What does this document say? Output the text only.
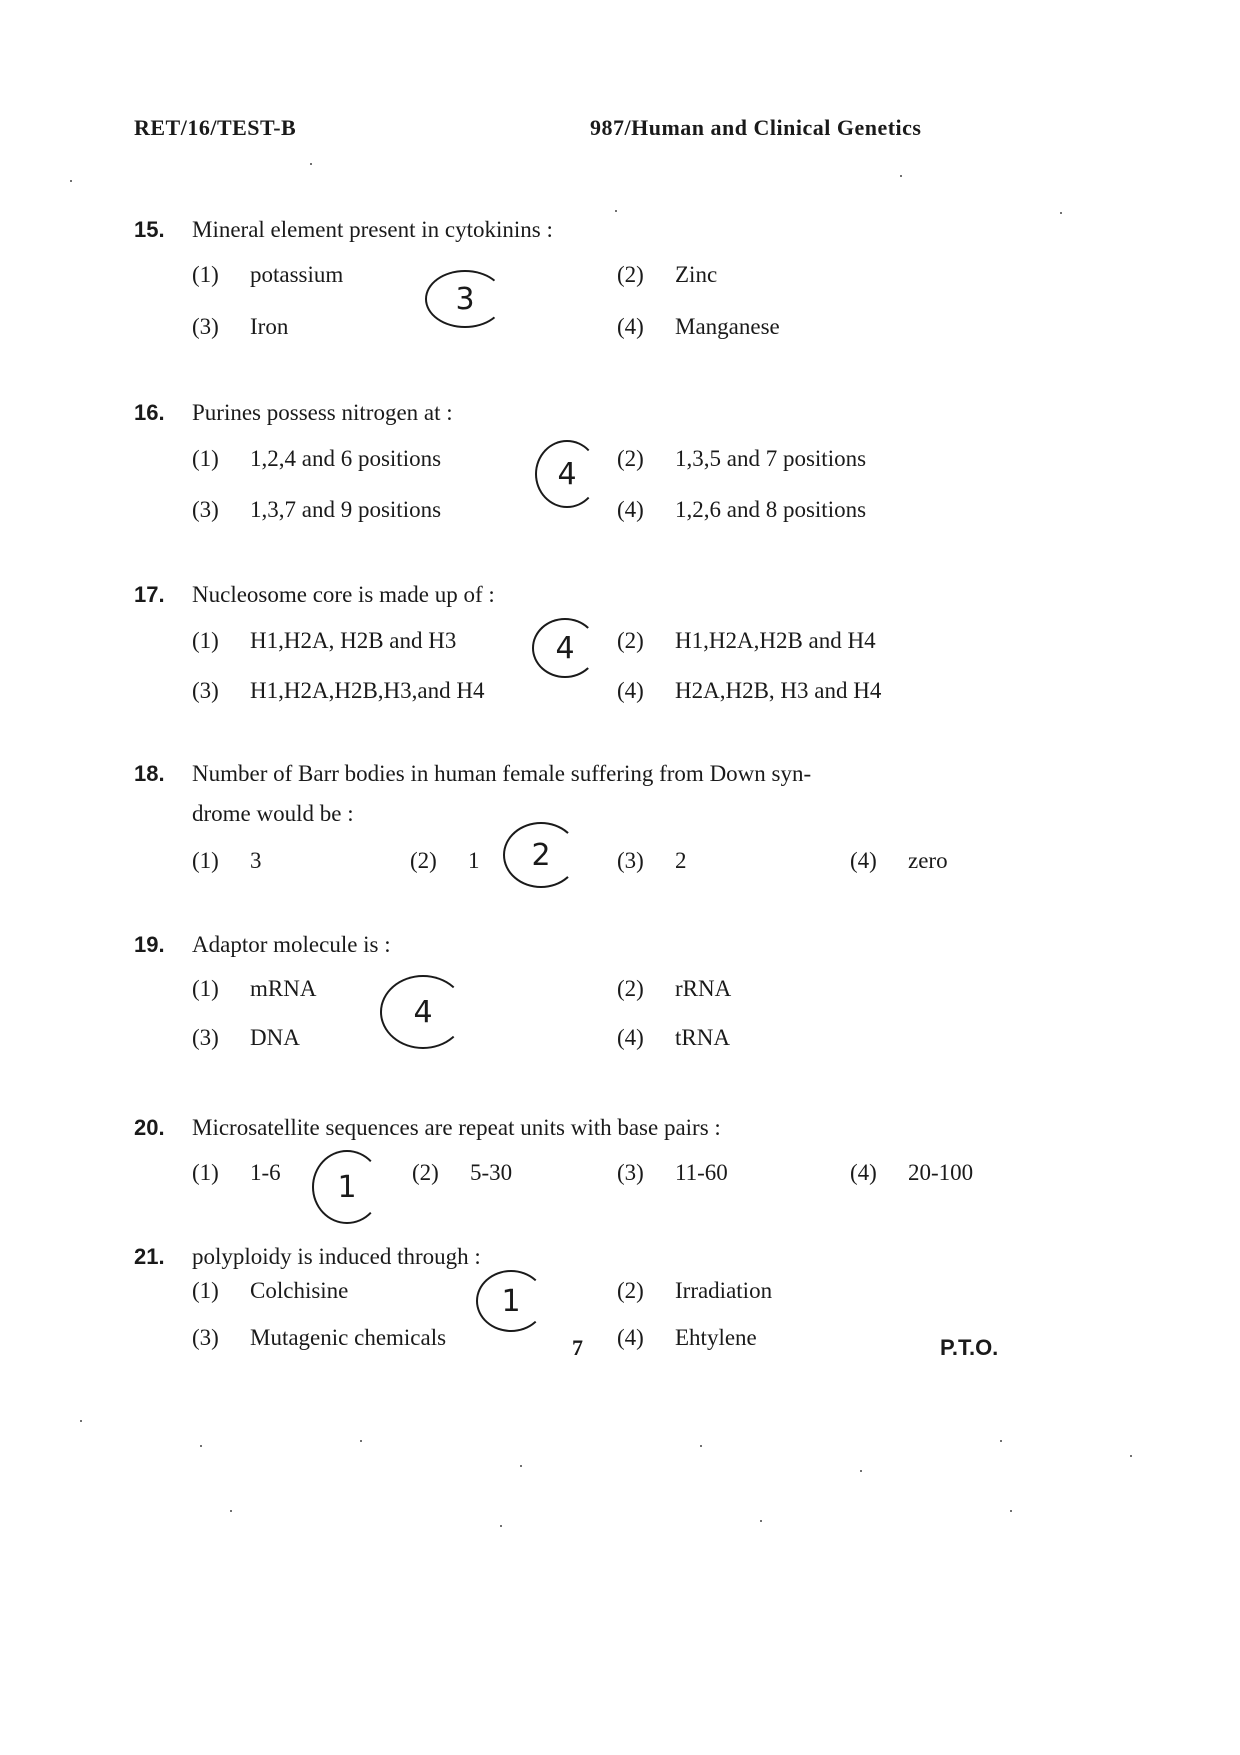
RET/16/TEST-B	987/Human and Clinical Genetics
15. Mineral element present in cytokinins :
(1) potassium	(2) Zinc
(3) Iron	(4) Manganese
3
16. Purines possess nitrogen at :
(1) 1,2,4 and 6 positions	(2) 1,3,5 and 7 positions
(3) 1,3,7 and 9 positions	(4) 1,2,6 and 8 positions
4
17. Nucleosome core is made up of :
(1) H1,H2A, H2B and H3	(2) H1,H2A,H2B and H4
(3) H1,H2A,H2B,H3,and H4	(4) H2A,H2B, H3 and H4
4
18. Number of Barr bodies in human female suffering from Down syn-
drome would be :
(1) 3	(2) 1	(3) 2	(4) zero
2
19. Adaptor molecule is :
(1) mRNA	(2) rRNA
(3) DNA	(4) tRNA
4
20. Microsatellite sequences are repeat units with base pairs :
(1) 1-6	(2) 5-30	(3) 11-60	(4) 20-100
1
21. polyploidy is induced through :
(1) Colchisine	(2) Irradiation
(3) Mutagenic chemicals	(4) Ehtylene
1
7	P.T.O.
